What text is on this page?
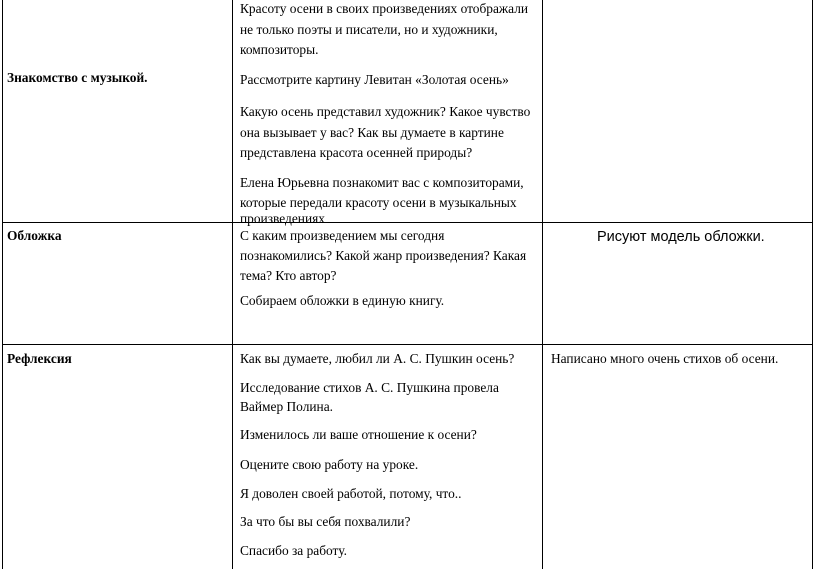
Знакомство с музыкой.
Красоту осени в своих произведениях отображали
не только поэты и писатели, но и художники,
композиторы.
Рассмотрите картину Левитан «Золотая осень»
Какую осень представил художник? Какое чувство
она вызывает у вас? Как вы думаете в картине
представлена красота осенней природы?
Елена Юрьевна познакомит вас с композиторами,
которые передали красоту осени в музыкальных
произведениях
Обложка	С каким произведением мы сегодня
познакомились? Какой жанр произведения? Какая
тема? Кто автор?
Собираем обложки в единую книгу.
Рисуют модель обложки.
Рефлексия	Как вы думаете, любил ли А. С. Пушкин осень?
Исследование стихов А. С. Пушкина провела
Ваймер Полина.
Изменилось ли ваше отношение к осени?
Оцените свою работу на уроке.
Я доволен своей работой, потому, что..
За что бы вы себя похвалили?
Спасибо за работу.
Написано много очень стихов об осени.
